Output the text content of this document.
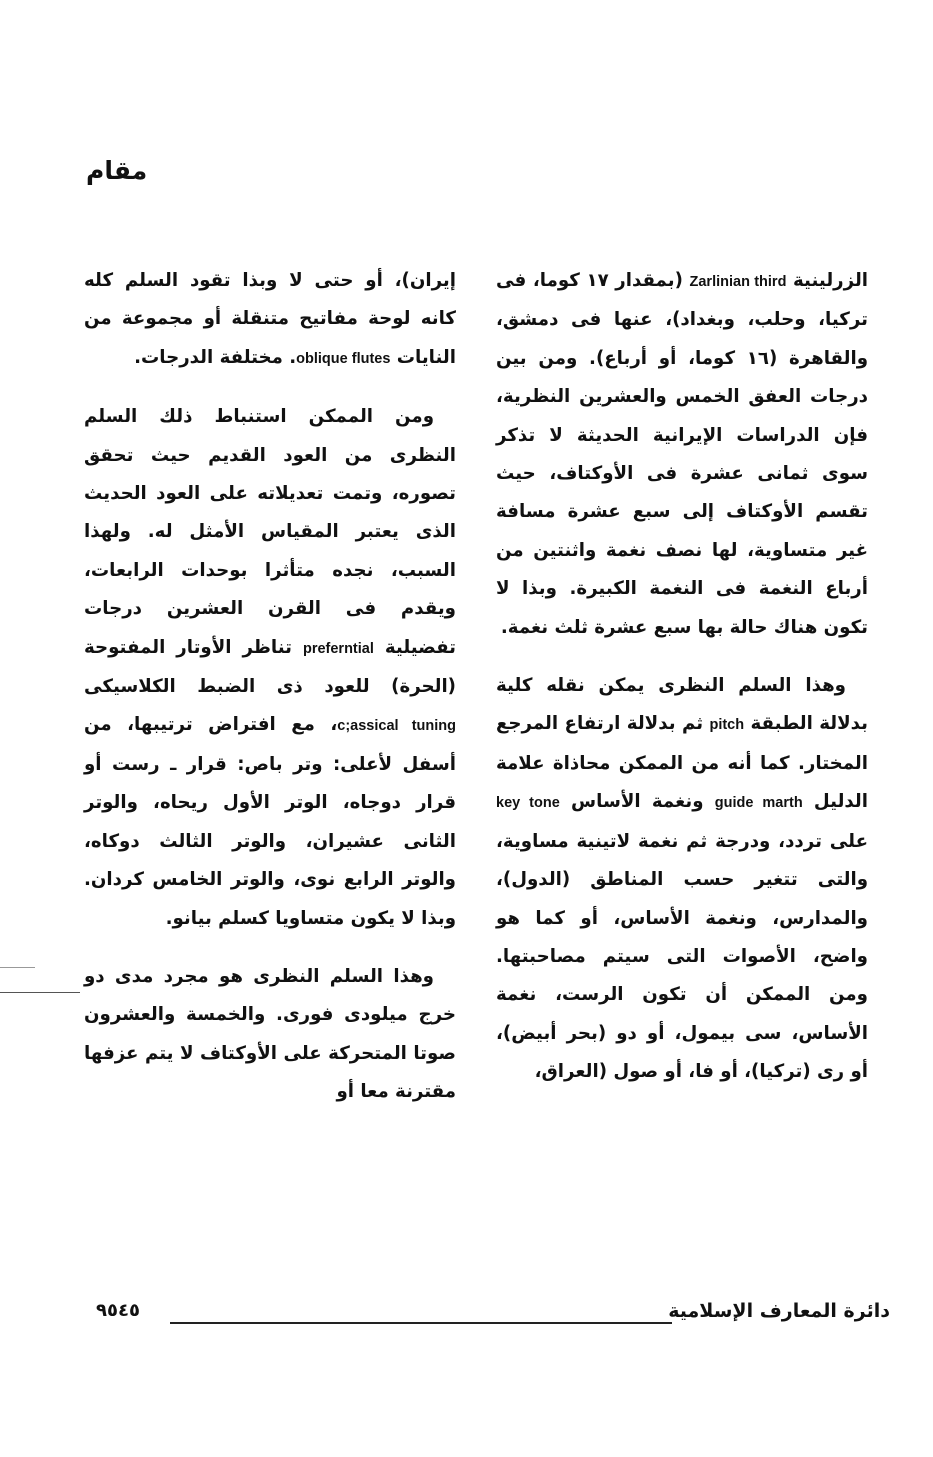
مقام

الزرلينية Zarlinian third (بمقدار ١٧ كوما، فى تركيا، وحلب، وبغداد)، عنها فى دمشق، والقاهرة (١٦ كوما، أو أرباع). ومن بين درجات العفق الخمس والعشرين النظرية، فإن الدراسات الإيرانية الحديثة لا تذكر سوى ثمانى عشرة فى الأوكتاف، حيث تقسم الأوكتاف إلى سبع عشرة مسافة غير متساوية، لها نصف نغمة واثنتين من أرباع النغمة فى النغمة الكبيرة. وبذا لا تكون هناك حالة بها سبع عشرة ثلث نغمة.

وهذا السلم النظرى يمكن نقله كلية بدلالة الطبقة pitch ثم بدلالة ارتفاع المرجع المختار. كما أنه من الممكن محاذاة علامة الدليل guide marth ونغمة الأساس key tone على تردد، ودرجة ثم نغمة لاتينية مساوية، والتى تتغير حسب المناطق (الدول)، والمدارس، ونغمة الأساس، أو كما هو واضح، الأصوات التى سيتم مصاحبتها. ومن الممكن أن تكون الرست، نغمة الأساس، سى بيمول، أو دو (بحر أبيض)، أو رى (تركيا)، أو فا، أو صول (العراق،

إيران)، أو حتى لا وبذا تقود السلم كله كانه لوحة مفاتيح متنقلة أو مجموعة من النايات oblique flutes. مختلفة الدرجات.

ومن الممكن استنباط ذلك السلم النظرى من العود القديم حيث تحقق تصوره، وتمت تعديلاته على العود الحديث الذى يعتبر المقياس الأمثل له. ولهذا السبب، نجده متأثرا بوحدات الرابعات، ويقدم فى القرن العشرين درجات تفضيلية preferntial تناظر الأوتار المفتوحة (الحرة) للعود ذى الضبط الكلاسيكى c;assical tuning، مع افتراض ترتيبها، من أسفل لأعلى: وتر باص: قرار ـ رست أو قرار دوجاه، الوتر الأول ريحاه، والوتر الثانى عشيران، والوتر الثالث دوكاه، والوتر الرابع نوى، والوتر الخامس كردان. وبذا لا يكون متساويا كسلم بيانو.

وهذا السلم النظرى هو مجرد مدى دو خرج ميلودى فورى. والخمسة والعشرون صوتا المتحركة على الأوكتاف لا يتم عزفها مقترنة معا أو

دائرة المعارف الإسلامية
٩٥٤٥
